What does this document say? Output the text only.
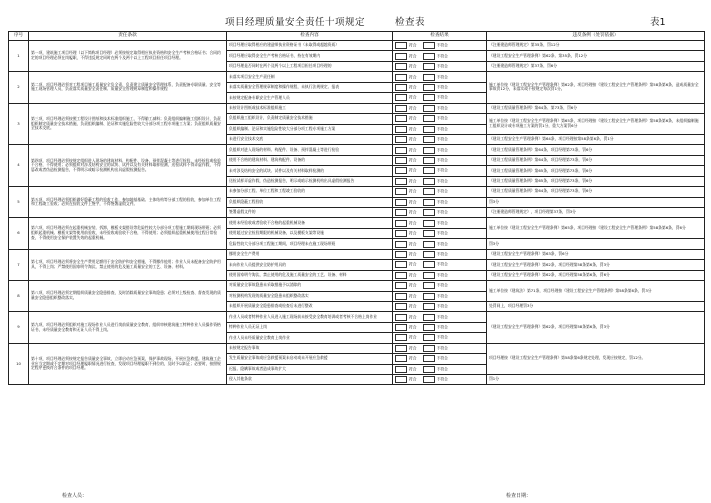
项目经理质量安全责任十项规定	检查表	表1
序号	责任条款	检查内容	检查结果	违反条例（处罚依据）
1	第一项，建筑施工项目经理（以下简称项目经理）必须按规定取得相应执业资格和安全生产考核合格证书；合同约定的项目经理必须在岗履职，不得违反规定同时在两个及两个以上工程项目担任项目经理。	项目经理应取得相应的建造师执业资格证书（未取得或超越资质）	符合 不符合	《注册建造师管理规定》第35条，罚12分
		项目经理应取得安全生产考核合格证书，持在有效期内	符合 不符合	《建设工程安全生产管理条例》第62条、第35条，罚12分
		项目经理是否同时在两个及两个以上工程项目担任项目经理的	符合 不符合	《注册建造师管理规定》第37条，罚6分
2	第二项，项目经理必须对工程项目施工质量安全负全责，负责建立质量安全管理体系，负责配备专职质量、安全等施工现场管理人员，负责落实质量安全责任制、质量安全管理规章制度和操作规程	未落实项目安全生产责任制	符合 不符合	施工单位按《建设工程安全生产管理条例》第62条，项目经理按《建设工程安全生产管理条例》第58条第6条，造成质量安全事故罚12分，未落实或不按规定每次罚1分。
		未落实质量安全管理规章制度和操作规程，未执行法规规定、报表	符合 不符合	
		未按规定配备专职安全生产管理人员	符合 不符合	
3	第三项，项目经理必须按照工程设计图纸和技术标准组织施工，不得偷工减料；负责组织编制施工组织设计，负责组织制定质量安全技术措施，负责组织编制、论证和实施危险性较大分部分项工程专项施工方案；负责组织质量安全技术交底。	未按设计图纸或技术标准组织施工	符合 不符合	《建设工程质量管理条例》第64条、第73条，罚6分
		负组织施工组织设计，负责制定质量安全技术措施	符合 不符合	施工单位按《建设工程安全生产管理条例》第65条，项目经理按《建设工程安全生产管理条例》第58条第6条，未组织编制施工组织设计或专项施工方案的罚1分，重大方案罚6分
		负组织编制、论证和实施危险性较大分部分项工程专项施工方案	符合 不符合	
		未进行安全技术交底	符合 不符合	《建设工程安全生产管理条例》第64条，项目经理按第58条第6条，罚1分
4	第四项，项目经理必须按规定组织进入现场的建筑材料、构配件、设备、预拌混凝土等进行检验，未经检验或检验不合格，不得使用；必须组织对涉及结构安全的试块、试件以及有关材料取样检测，送检试样不得弄虚作假，不得篡改或者伪造检测报告，不得明示或暗示检测机构出具虚假检测报告。	负组织对进入现场的材料、构配件、设备、预拌混凝土等进行检验	符合 不符合	《建设工程质量管理条例》第64条，项目经理第73条，罚6分
		使用不合格的建筑材料、建筑构配件、设备的	符合 不符合	《建设工程质量管理条例》第64条，项目经理第73条，罚6分
		未对涉及结构安全的试块、试件以及有关材料取样检测的	符合 不符合	《建设工程质量管理条例》第65条，项目经理第73条，罚6分
		送检试样弄虚作假，伪造检测报告，明示或暗示检测机构出具虚假检测报告	符合 不符合	《建设工程质量管理条例》第65条，项目经理第73条，罚6分
5	第五项，项目经理必须组织做好隐蔽工程的验收工作，参加地基基础、主体结构等分部工程的验收，参加单位工程和工程竣工验收；必须在验收文件上签字，不得签署虚假文件。	未参加分部工程、单位工程和工程竣工验收的	符合 不符合	《建设工程质量管理条例》第64条，项目经理第73条，罚6分
		负组织隐蔽工程验收	符合 不符合	罚3分
		签署虚假文件的	符合 不符合	《注册建造师管理规定》，项目经理第37条，罚3分
6	第六项，项目经理必须在起重机械安装、拆卸，模板支架搭设等危险性较大分部分项工程施工期间现场带班；必须组织起重机械、模板支架等使用前验收，未经验收或验收不合格，不得使用；必须组织起重机械使用过程日常检查，不得使用安全保护装置失效的起重机械。	使用未经验收或者验收不合格的起重机械设备	符合 不符合	施工单位按《建设工程安全生产管理条例》第65条，项目经理按《建设工程安全生产管理条例》第58条第6条，罚6分
		使用超过安全检验期限的机械设备，以及模板支架等设施	符合 不符合	
		危险性较大分部分项工程施工期间，项目经理未在施工现场带班	符合 不符合	罚3分
7	第七项，项目经理必须将安全生产费用足额用于安全防护和安全措施，不得挪作他用；作业人员未配备安全防护用具，不得上岗；严禁使用国家明令淘汰、禁止使用的危及施工质量安全的工艺、设备、材料。	挪用安全生产费用	符合 不符合	《建设工程安全生产管理条例》第63条，罚6分
		未向作业人员提供安全防护用具的	符合 不符合	《建设工程安全生产管理条例》第62条，项目经理第58条第6条，罚3分
		使用国家明令淘汰、禁止使用的危及施工质量安全的工艺、设备、材料	符合 不符合	《建设工程安全生产管理条例》第62条，项目经理第58条第6条，罚6分
8	第八项，项目经理必须定期组织质量安全隐患排查，及时消除质量安全事故隐患；必须对上级检查、督查发现的质量安全隐患组织整改落实。	对质量安全事故隐患未采取措施予以消除的	符合 不符合	施工单位按《建筑法》第71条，项目经理按《建设工程安全生产管理条例》第58条第6条，罚3分
		对检测机构发现的质量安全隐患未组织整改落实	符合 不符合	
		未组织开展质量安全隐患排查或检查后未进行整改	符合 不符合	处罚同上，项目经理罚3分
9	第九项，项目经理必须组织对施工现场作业人员进行岗前质量安全教育，组织审核建筑施工特种作业人员操作资格证书，未经质量安全教育和无证人员不得上岗。	作业人员或者特种作业人员进入施工现场前未接受安全教育培训或者考核不合格上岗作业	符合 不符合	《建设工程安全生产管理条例》第62条，项目经理第58条第6条，罚3分
		特种作业人员无证上岗	符合 不符合	
		作业人员未经质量安全教育上岗作业	符合 不符合	
10	第十项，项目经理必须按规定报告质量安全事故，立即启动应急预案，保护事故现场，开展应急救援。建筑施工企业应当定期或不定期对项目经理履职情况进行检查，发现项目经理履职不到位的，及时予以纠正；必要时，按照规定程序更换符合条件的项目经理。	未按规定报告事故	符合 不符合	项目经理按《建设工程安全生产管理条例》第58条第6条规定处理，发现应按规定，罚12分。
		发生质量安全事故或应急救援预案未启动或未开展应急救援	符合 不符合	
		迟报、隐瞒事故或者造成事故扩大	符合 不符合	
		侵入其他条款	符合 不符合	罚1分
检查人员：	检查日期：
